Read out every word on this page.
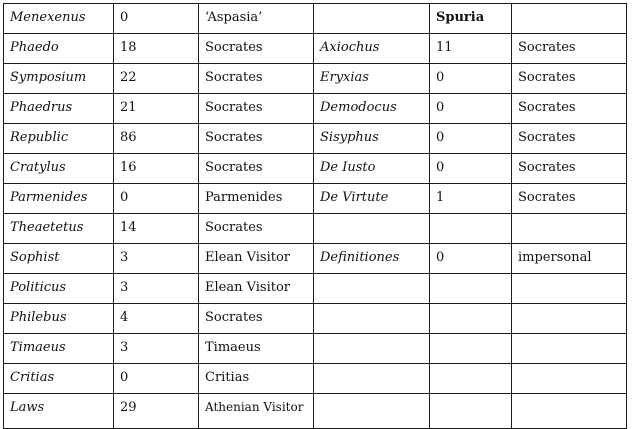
Menexenus	0	‘Aspasia’		Spuria	
Phaedo	18	Socrates	Axiochus	11	Socrates
Symposium	22	Socrates	Eryxias	0	Socrates
Phaedrus	21	Socrates	Demodocus	0	Socrates
Republic	86	Socrates	Sisyphus	0	Socrates
Cratylus	16	Socrates	De Iusto	0	Socrates
Parmenides	0	Parmenides	De Virtute	1	Socrates
Theaetetus	14	Socrates			
Sophist	3	Elean Visitor	Definitiones	0	impersonal
Politicus	3	Elean Visitor			
Philebus	4	Socrates			
Timaeus	3	Timaeus			
Critias	0	Critias			
Laws	29	Athenian Visitor			
